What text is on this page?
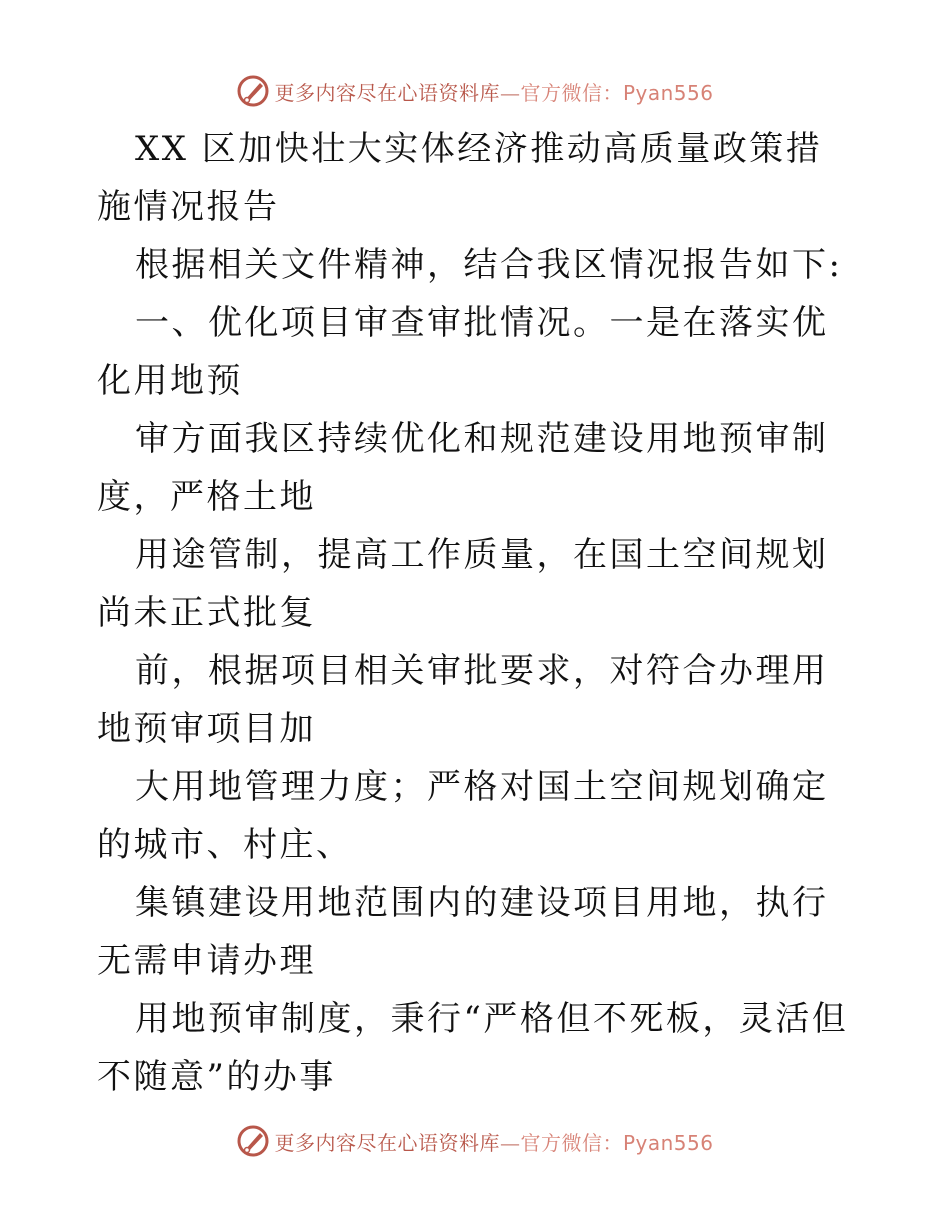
更多内容尽在心语资料库—官方微信：Pyan556

XX 区加快壮大实体经济推动高质量政策措施情况报告

根据相关文件精神，结合我区情况报告如下:

一、优化项目审查审批情况。一是在落实优化用地预

审方面我区持续优化和规范建设用地预审制度，严格土地

用途管制，提高工作质量，在国土空间规划尚未正式批复

前，根据项目相关审批要求，对符合办理用地预审项目加

大用地管理力度；严格对国土空间规划确定的城市、村庄、

集镇建设用地范围内的建设项目用地，执行无需申请办理

用地预审制度，秉行“严格但不死板，灵活但不随意”的办事

更多内容尽在心语资料库—官方微信：Pyan556
